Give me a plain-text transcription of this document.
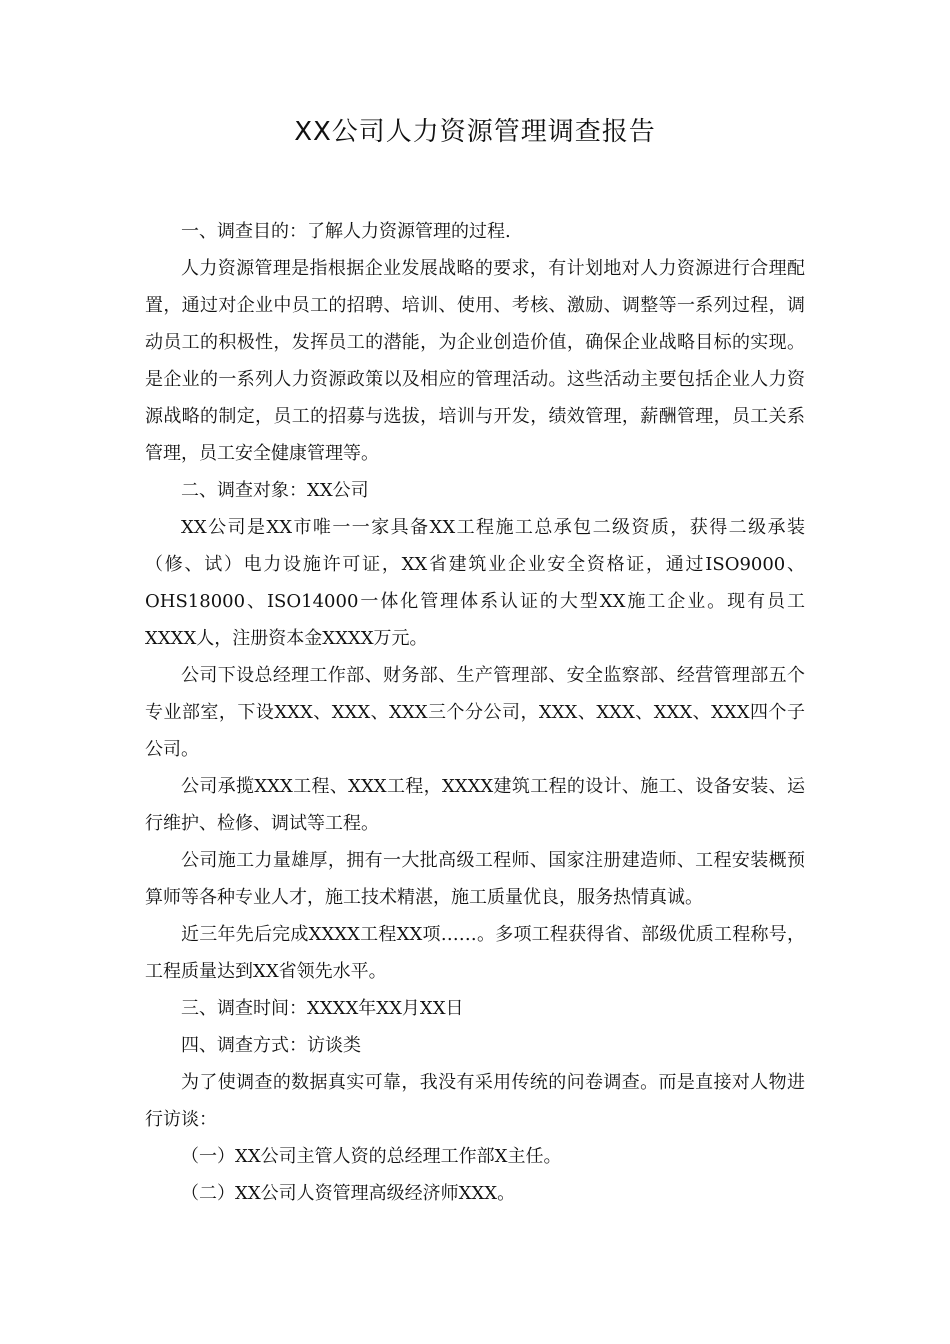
XX公司人力资源管理调查报告

一、调查目的：了解人力资源管理的过程.

人力资源管理是指根据企业发展战略的要求，有计划地对人力资源进行合理配置，通过对企业中员工的招聘、培训、使用、考核、激励、调整等一系列过程，调动员工的积极性，发挥员工的潜能，为企业创造价值，确保企业战略目标的实现。是企业的一系列人力资源政策以及相应的管理活动。这些活动主要包括企业人力资源战略的制定，员工的招募与选拔，培训与开发，绩效管理，薪酬管理，员工关系管理，员工安全健康管理等。

二、调查对象：XX公司

XX公司是XX市唯一一家具备XX工程施工总承包二级资质，获得二级承装（修、试）电力设施许可证，XX省建筑业企业安全资格证，通过ISO9000、OHS18000、ISO14000一体化管理体系认证的大型XX施工企业。现有员工XXXX人，注册资本金XXXX万元。

公司下设总经理工作部、财务部、生产管理部、安全监察部、经营管理部五个专业部室，下设XXX、XXX、XXX三个分公司，XXX、XXX、XXX、XXX四个子公司。

公司承揽XXX工程、XXX工程，XXXX建筑工程的设计、施工、设备安装、运行维护、检修、调试等工程。

公司施工力量雄厚，拥有一大批高级工程师、国家注册建造师、工程安装概预算师等各种专业人才，施工技术精湛，施工质量优良，服务热情真诚。

近三年先后完成XXXX工程XX项……。多项工程获得省、部级优质工程称号，工程质量达到XX省领先水平。

三、调查时间：XXXX年XX月XX日

四、调查方式：访谈类

为了使调查的数据真实可靠，我没有采用传统的问卷调查。而是直接对人物进行访谈：

（一）XX公司主管人资的总经理工作部X主任。

（二）XX公司人资管理高级经济师XXX。
